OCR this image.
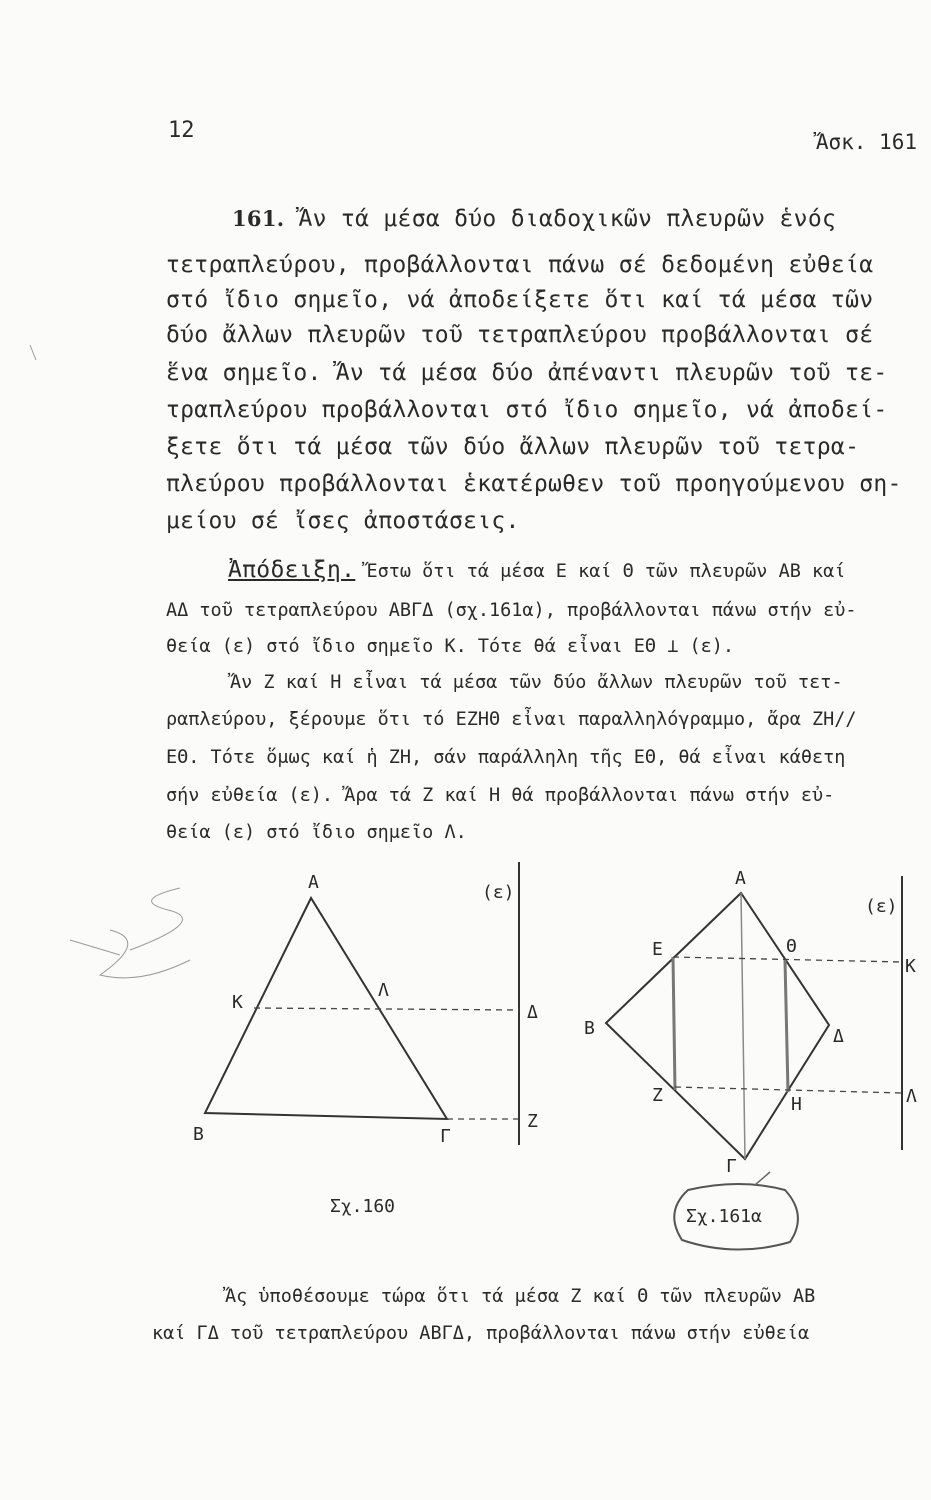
12	Ἄσκ. 161
161. Ἄν τά μέσα δύο διαδοχικῶν πλευρῶν ἑνός
τετραπλεύρου, προβάλλονται πάνω σέ δεδομένη εὐθεία
στό ἴδιο σημεῖο, νά ἀποδείξετε ὅτι καί τά μέσα τῶν
δύο ἄλλων πλευρῶν τοῦ τετραπλεύρου προβάλλονται σέ
ἕνα σημεῖο. Ἄν τά μέσα δύο ἀπέναντι πλευρῶν τοῦ τε-
τραπλεύρου προβάλλονται στό ἴδιο σημεῖο, νά ἀποδεί-
ξετε ὅτι τά μέσα τῶν δύο ἄλλων πλευρῶν τοῦ τετρα-
πλεύρου προβάλλονται ἑκατέρωθεν τοῦ προηγούμενου ση-
μείου σέ ἴσες ἀποστάσεις.
Ἀπόδειξη. Ἔστω ὅτι τά μέσα Ε καί Θ τῶν πλευρῶν ΑΒ καί
ΑΔ τοῦ τετραπλεύρου ΑΒΓΔ (σχ.161α), προβάλλονται πάνω στήν εὐ-
θεία (ε) στό ἴδιο σημεῖο Κ. Τότε θά εἶναι ΕΘ ⊥ (ε).
Ἄν Ζ καί Η εἶναι τά μέσα τῶν δύο ἄλλων πλευρῶν τοῦ τετ-
ραπλεύρου, ξέρουμε ὅτι τό ΕΖΗΘ εἶναι παραλληλόγραμμο, ἄρα ΖΗ//
ΕΘ. Τότε ὅμως καί ἡ ΖΗ, σάν παράλληλη τῆς ΕΘ, θά εἶναι κάθετη
σήν εὐθεία (ε). Ἄρα τά Ζ καί Η θά προβάλλονται πάνω στήν εὐ-
θεία (ε) στό ἴδιο σημεῖο Λ.
Α
Β	Γ
Κ
Λ
Δ
Ζ
(ε)
Σχ.160
Α
Β
Γ
Δ
Ε	Θ
Ζ	Η
Κ
Λ
(ε)
Σχ.161α
Ἄς ὑποθέσουμε τώρα ὅτι τά μέσα Ζ καί Θ τῶν πλευρῶν ΑΒ
καί ΓΔ τοῦ τετραπλεύρου ΑΒΓΔ, προβάλλονται πάνω στήν εὐθεία
